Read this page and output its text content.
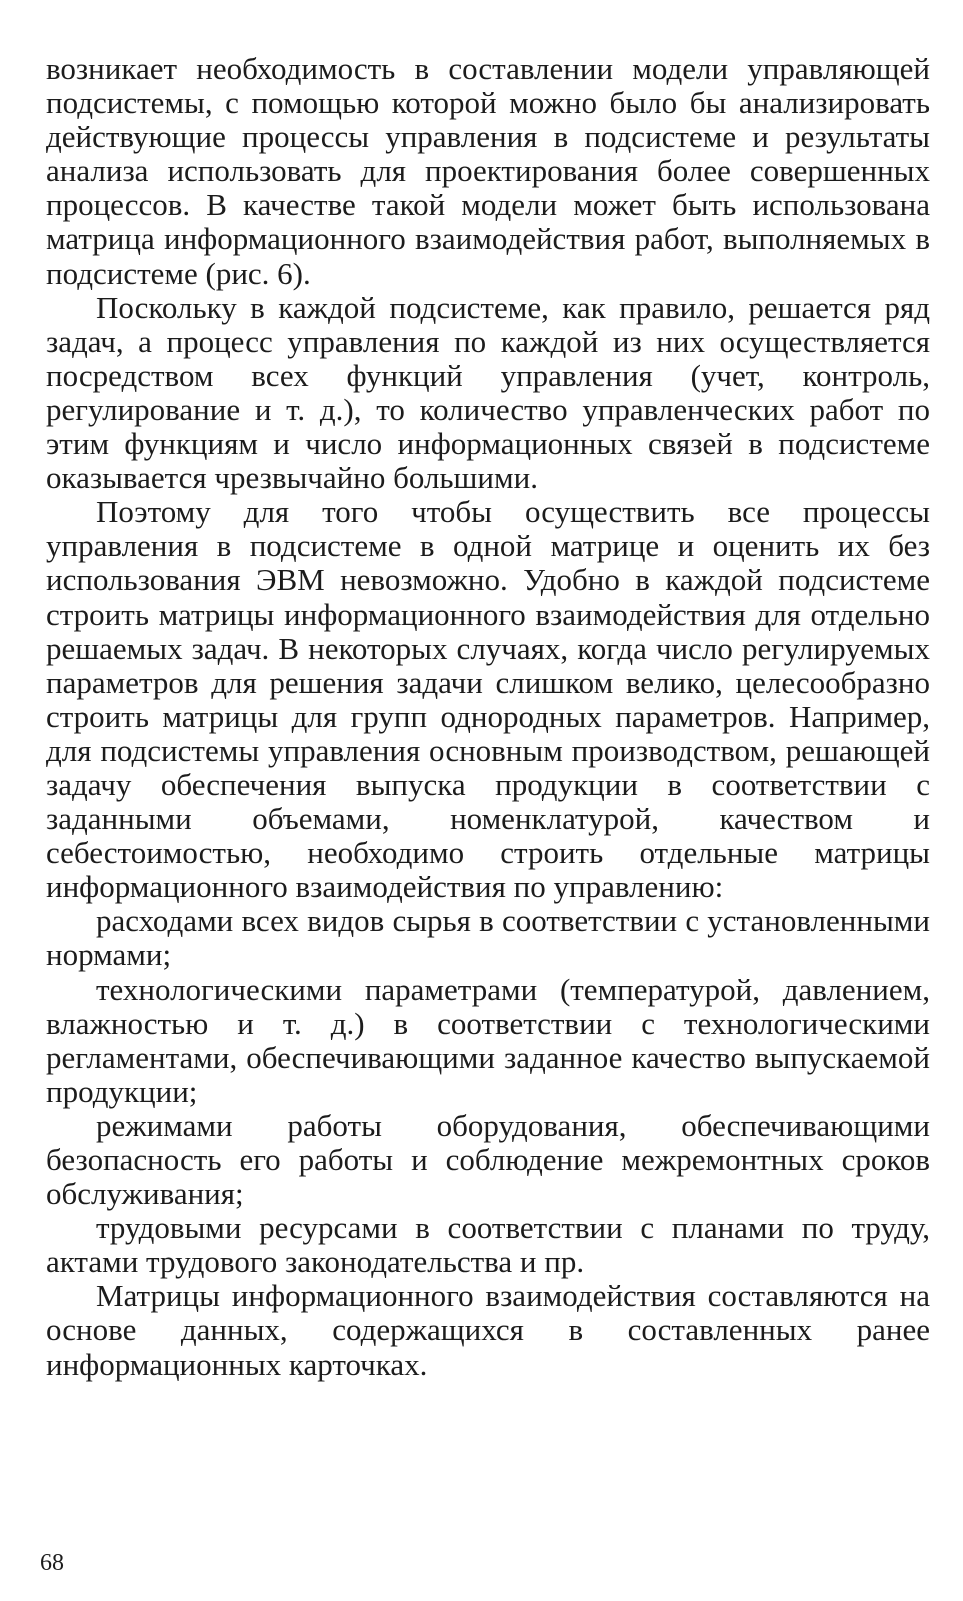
возникает необходимость в составлении модели управляющей подсистемы, с помощью которой можно было бы анализировать действующие процессы управления в подсистеме и результаты анализа использовать для проектирования более совершенных процессов. В качестве такой модели может быть использована матрица информационного взаимодействия работ, выполняемых в подсистеме (рис. 6).

Поскольку в каждой подсистеме, как правило, решается ряд задач, а процесс управления по каждой из них осуществляется посредством всех функций управления (учет, контроль, регулирование и т. д.), то количество управленческих работ по этим функциям и число информационных связей в подсистеме оказывается чрезвычайно большими.

Поэтому для того чтобы осуществить все процессы управления в подсистеме в одной матрице и оценить их без использования ЭВМ невозможно. Удобно в каждой подсистеме строить матрицы информационного взаимодействия для отдельно решаемых задач. В некоторых случаях, когда число регулируемых параметров для решения задачи слишком велико, целесообразно строить матрицы для групп однородных параметров. Например, для подсистемы управления основным производством, решающей задачу обеспечения выпуска продукции в соответствии с заданными объемами, номенклатурой, качеством и себестоимостью, необходимо строить отдельные матрицы информационного взаимодействия по управлению:

расходами всех видов сырья в соответствии с установленными нормами;

технологическими параметрами (температурой, давлением, влажностью и т. д.) в соответствии с технологическими регламентами, обеспечивающими заданное качество выпускаемой продукции;

режимами работы оборудования, обеспечивающими безопасность его работы и соблюдение межремонтных сроков обслуживания;

трудовыми ресурсами в соответствии с планами по труду, актами трудового законодательства и пр.

Матрицы информационного взаимодействия составляются на основе данных, содержащихся в составленных ранее информационных карточках.

68
